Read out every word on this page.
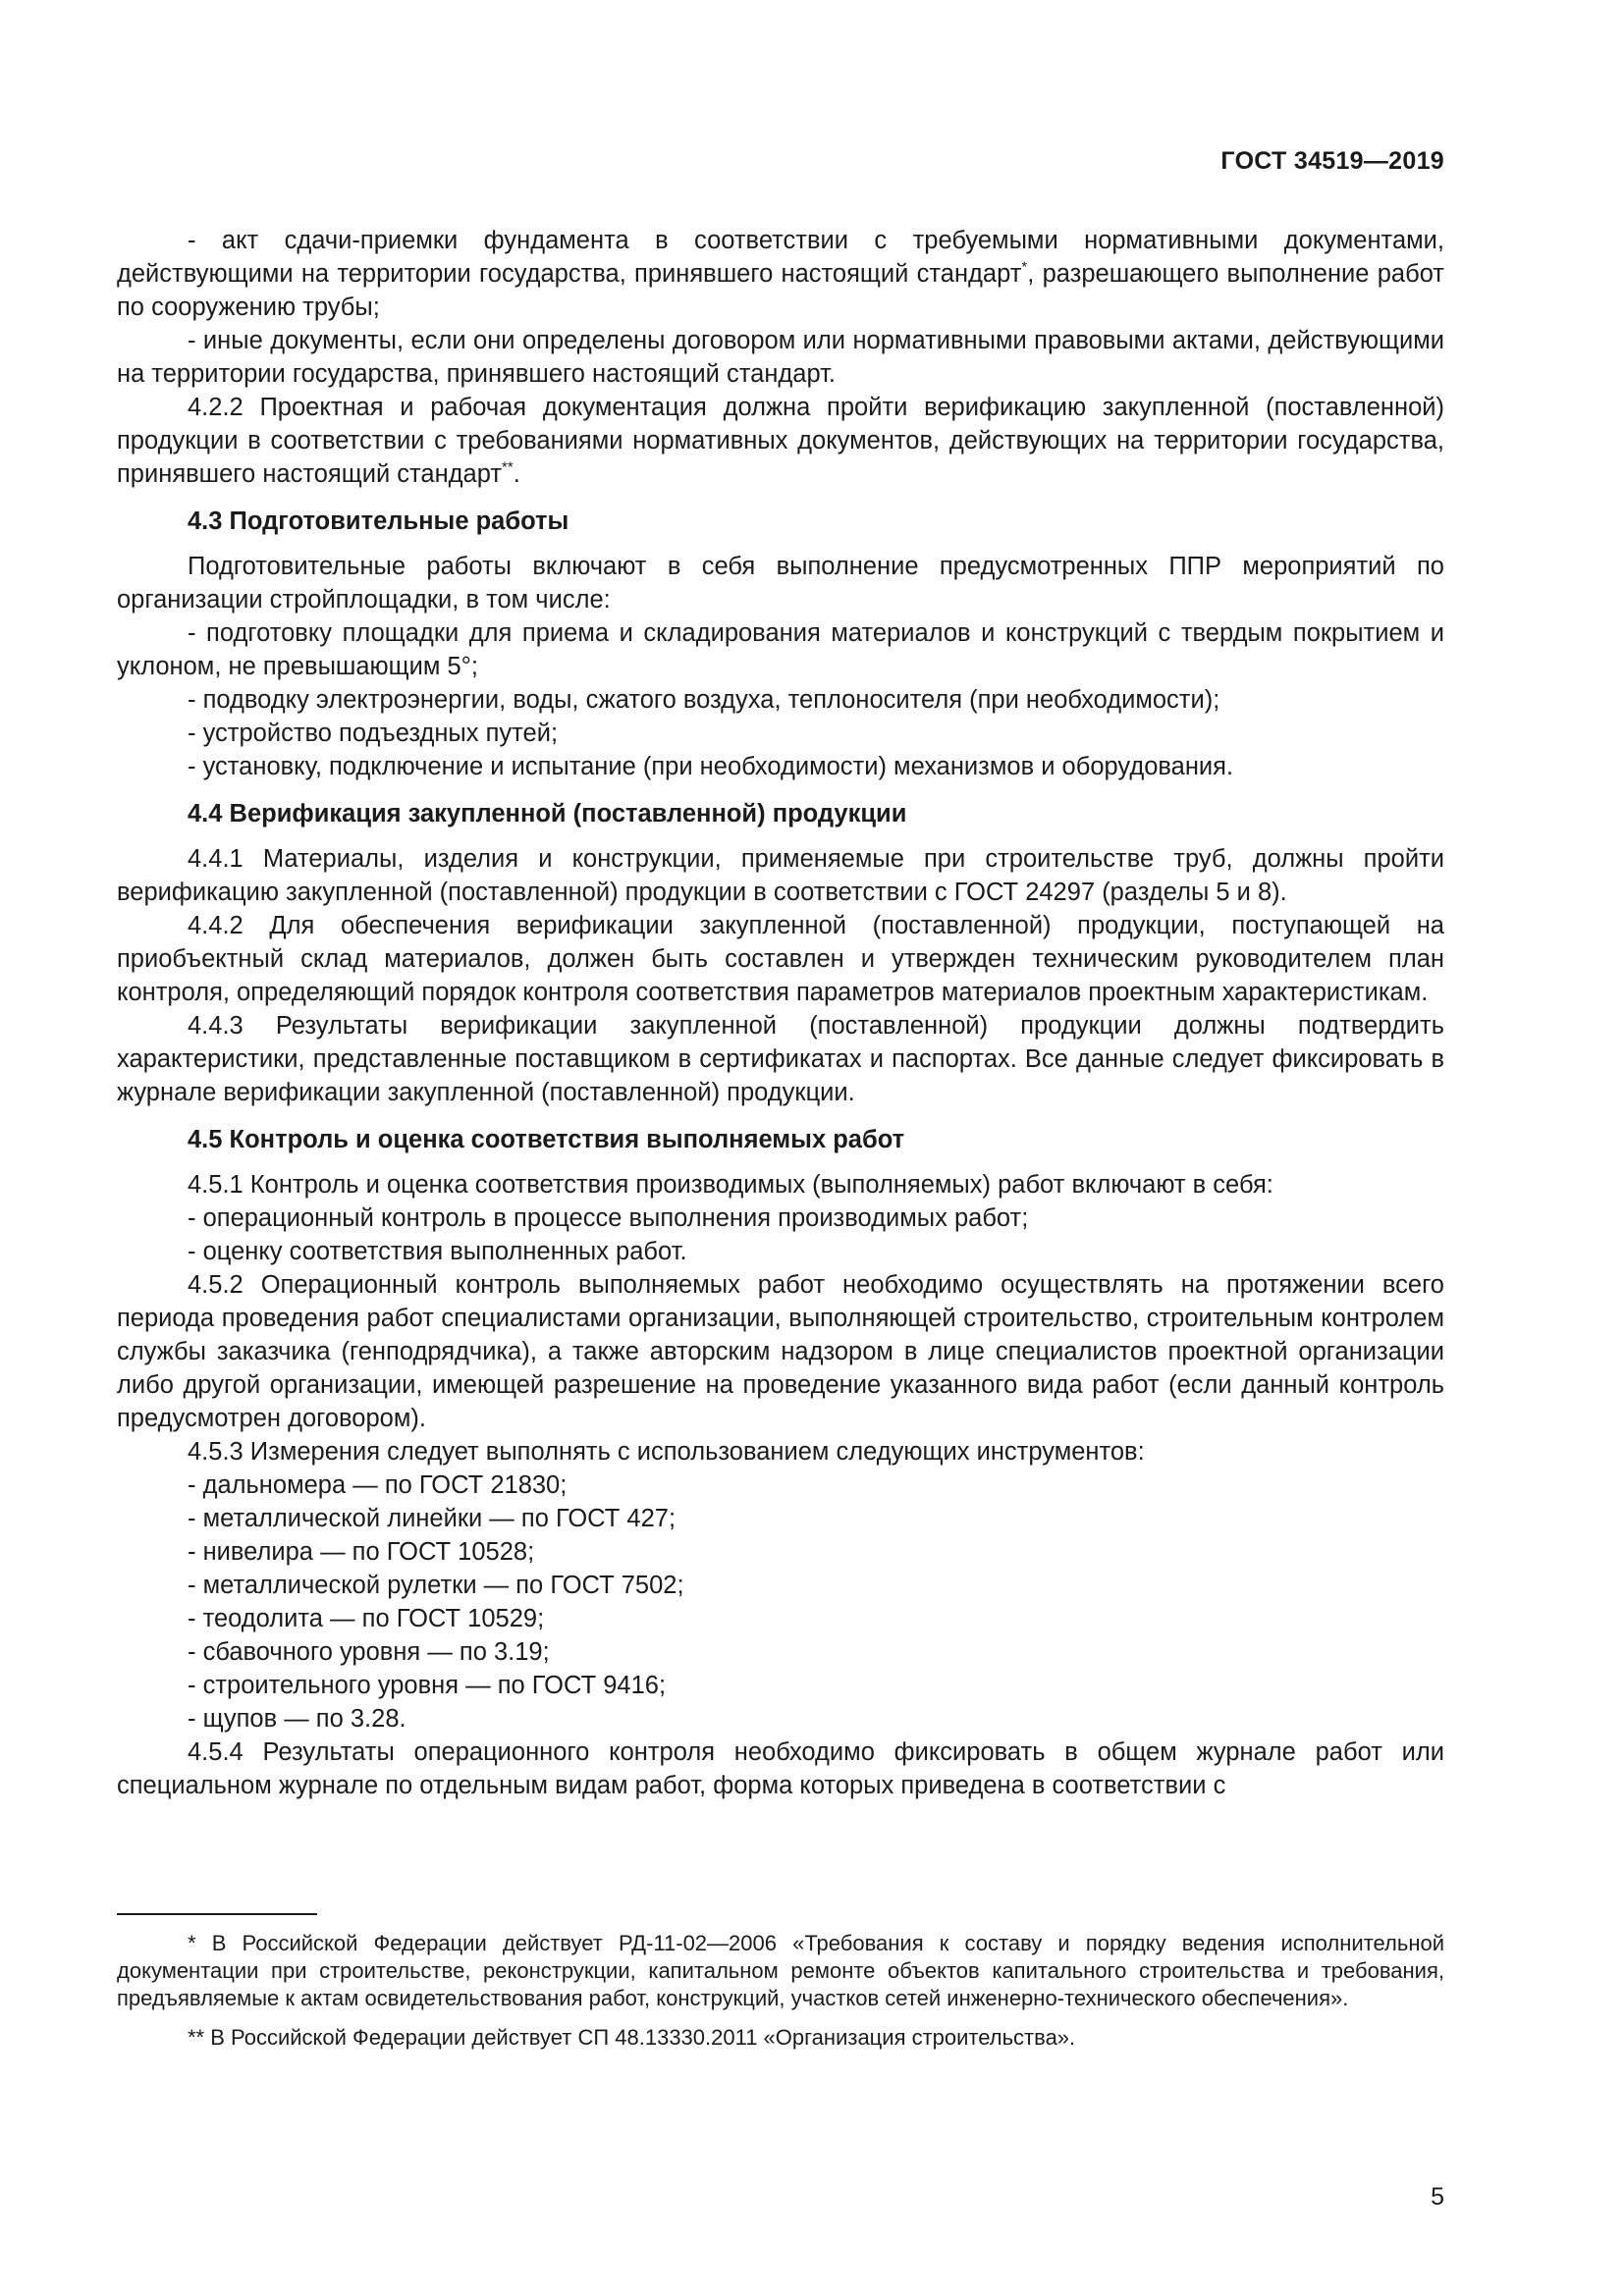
ГОСТ 34519—2019

- акт сдачи-приемки фундамента в соответствии с требуемыми нормативными документами, действующими на территории государства, принявшего настоящий стандарт*, разрешающего выполнение работ по сооружению трубы;

- иные документы, если они определены договором или нормативными правовыми актами, действующими на территории государства, принявшего настоящий стандарт.

4.2.2 Проектная и рабочая документация должна пройти верификацию закупленной (поставленной) продукции в соответствии с требованиями нормативных документов, действующих на территории государства, принявшего настоящий стандарт**.

4.3 Подготовительные работы

Подготовительные работы включают в себя выполнение предусмотренных ППР мероприятий по организации стройплощадки, в том числе:

- подготовку площадки для приема и складирования материалов и конструкций с твердым покрытием и уклоном, не превышающим 5°;

- подводку электроэнергии, воды, сжатого воздуха, теплоносителя (при необходимости);

- устройство подъездных путей;

- установку, подключение и испытание (при необходимости) механизмов и оборудования.

4.4 Верификация закупленной (поставленной) продукции

4.4.1 Материалы, изделия и конструкции, применяемые при строительстве труб, должны пройти верификацию закупленной (поставленной) продукции в соответствии с ГОСТ 24297 (разделы 5 и 8).

4.4.2 Для обеспечения верификации закупленной (поставленной) продукции, поступающей на приобъектный склад материалов, должен быть составлен и утвержден техническим руководителем план контроля, определяющий порядок контроля соответствия параметров материалов проектным характеристикам.

4.4.3 Результаты верификации закупленной (поставленной) продукции должны подтвердить характеристики, представленные поставщиком в сертификатах и паспортах. Все данные следует фиксировать в журнале верификации закупленной (поставленной) продукции.

4.5 Контроль и оценка соответствия выполняемых работ

4.5.1 Контроль и оценка соответствия производимых (выполняемых) работ включают в себя:

- операционный контроль в процессе выполнения производимых работ;

- оценку соответствия выполненных работ.

4.5.2 Операционный контроль выполняемых работ необходимо осуществлять на протяжении всего периода проведения работ специалистами организации, выполняющей строительство, строительным контролем службы заказчика (генподрядчика), а также авторским надзором в лице специалистов проектной организации либо другой организации, имеющей разрешение на проведение указанного вида работ (если данный контроль предусмотрен договором).

4.5.3 Измерения следует выполнять с использованием следующих инструментов:

- дальномера — по ГОСТ 21830;

- металлической линейки — по ГОСТ 427;

- нивелира — по ГОСТ 10528;

- металлической рулетки — по ГОСТ 7502;

- теодолита — по ГОСТ 10529;

- сбавочного уровня — по 3.19;

- строительного уровня — по ГОСТ 9416;

- щупов — по 3.28.

4.5.4 Результаты операционного контроля необходимо фиксировать в общем журнале работ или специальном журнале по отдельным видам работ, форма которых приведена в соответствии с

* В Российской Федерации действует РД-11-02—2006 «Требования к составу и порядку ведения исполнительной документации при строительстве, реконструкции, капитальном ремонте объектов капитального строительства и требования, предъявляемые к актам освидетельствования работ, конструкций, участков сетей инженерно-технического обеспечения».

** В Российской Федерации действует СП 48.13330.2011 «Организация строительства».

5
